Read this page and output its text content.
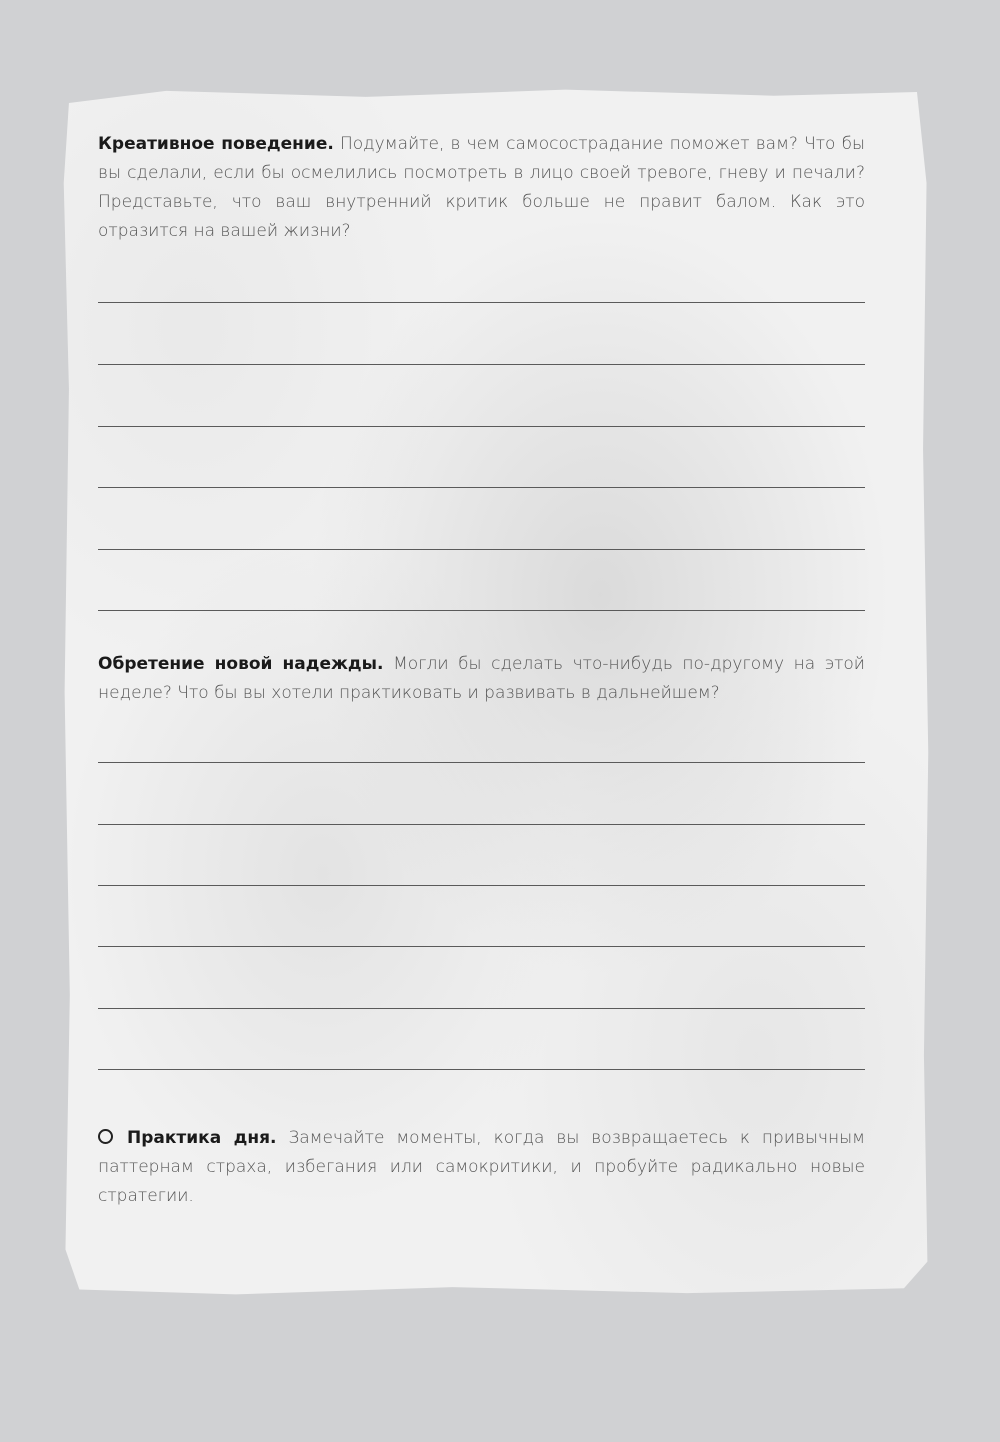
Креативное поведение. Подумайте, в чем самосострадание поможет вам? Что бы вы сделали, если бы осмелились посмотреть в лицо своей тревоге, гневу и печали? Представьте, что ваш внутренний критик больше не правит балом. Как это отразится на вашей жизни?

Обретение новой надежды. Могли бы сделать что-нибудь по-другому на этой неделе? Что бы вы хотели практиковать и развивать в дальнейшем?

Практика дня. Замечайте моменты, когда вы возвращаетесь к привычным паттернам страха, избегания или самокритики, и пробуйте радикально новые стратегии.
